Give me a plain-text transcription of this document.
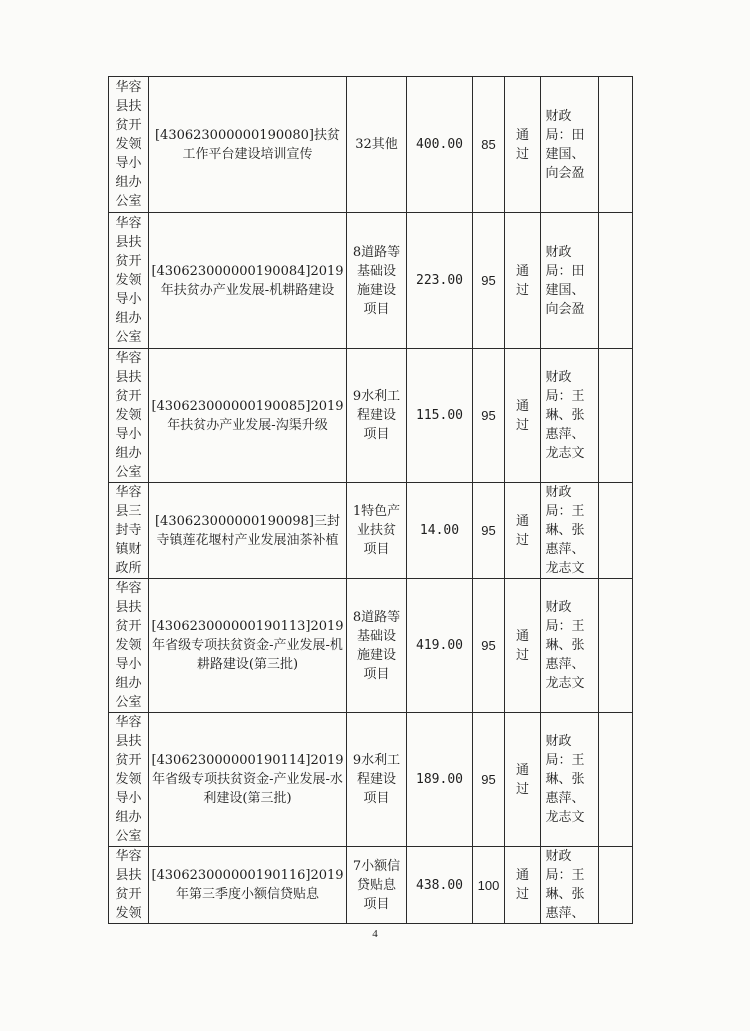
华容县扶贫开发领导小组办公室	[430623000000190080]扶贫工作平台建设培训宣传	32其他	400.00	85	通过	财政局：田建国、向会盈	

华容县扶贫开发领导小组办公室	[430623000000190084]2019年扶贫办产业发展-机耕路建设	8道路等基础设施建设项目	223.00	95	通过	财政局：田建国、向会盈	

华容县扶贫开发领导小组办公室	[430623000000190085]2019年扶贫办产业发展-沟渠升级	9水利工程建设项目	115.00	95	通过	财政局：王琳、张惠萍、龙志文	

华容县三封寺镇财政所	[430623000000190098]三封寺镇莲花堰村产业发展油茶补植	1特色产业扶贫项目	14.00	95	通过	财政局：王琳、张惠萍、龙志文	

华容县扶贫开发领导小组办公室	[430623000000190113]2019年省级专项扶贫资金-产业发展-机耕路建设(第三批)	8道路等基础设施建设项目	419.00	95	通过	财政局：王琳、张惠萍、龙志文	

华容县扶贫开发领导小组办公室	[430623000000190114]2019年省级专项扶贫资金-产业发展-水利建设(第三批)	9水利工程建设项目	189.00	95	通过	财政局：王琳、张惠萍、龙志文	

华容县扶贫开发领	[430623000000190116]2019年第三季度小额信贷贴息	7小额信贷贴息项目	438.00	100	通过	财政局：王琳、张惠萍、	

4
